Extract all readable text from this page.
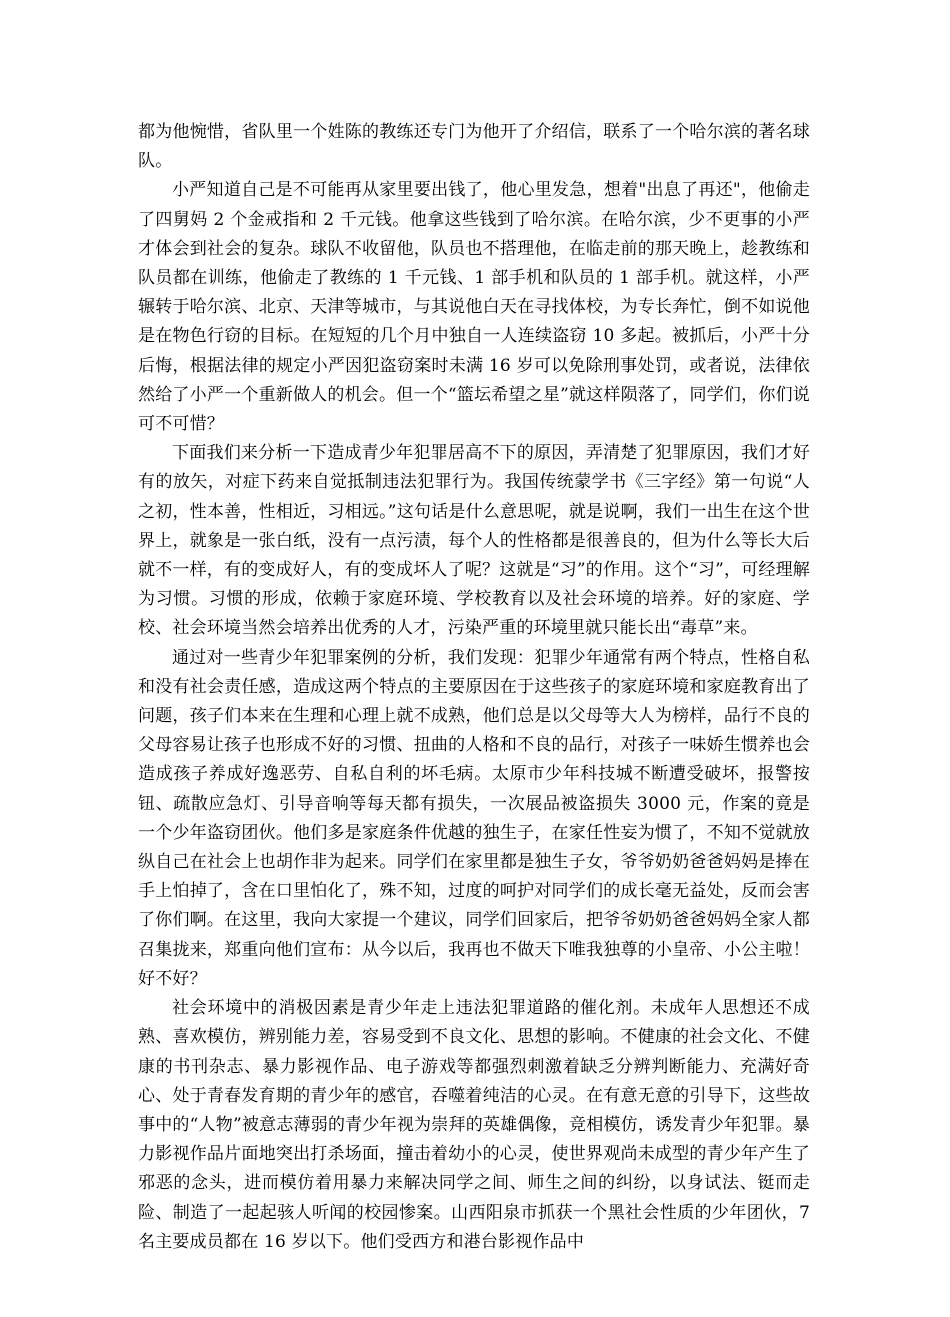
都为他惋惜，省队里一个姓陈的教练还专门为他开了介绍信，联系了一个哈尔滨的著名球队。

小严知道自己是不可能再从家里要出钱了，他心里发急，想着"出息了再还"，他偷走了四舅妈 2 个金戒指和 2 千元钱。他拿这些钱到了哈尔滨。在哈尔滨，少不更事的小严才体会到社会的复杂。球队不收留他，队员也不搭理他，在临走前的那天晚上，趁教练和队员都在训练，他偷走了教练的 1 千元钱、1 部手机和队员的 1 部手机。就这样，小严辗转于哈尔滨、北京、天津等城市，与其说他白天在寻找体校，为专长奔忙，倒不如说他是在物色行窃的目标。在短短的几个月中独自一人连续盗窃 10 多起。被抓后，小严十分后悔，根据法律的规定小严因犯盗窃案时未满 16 岁可以免除刑事处罚，或者说，法律依然给了小严一个重新做人的机会。但一个“篮坛希望之星”就这样陨落了，同学们，你们说可不可惜？

下面我们来分析一下造成青少年犯罪居高不下的原因，弄清楚了犯罪原因，我们才好有的放矢，对症下药来自觉抵制违法犯罪行为。我国传统蒙学书《三字经》第一句说“人之初，性本善，性相近，习相远。”这句话是什么意思呢，就是说啊，我们一出生在这个世界上，就象是一张白纸，没有一点污渍，每个人的性格都是很善良的，但为什么等长大后就不一样，有的变成好人，有的变成坏人了呢？这就是“习”的作用。这个“习”，可经理解为习惯。习惯的形成，依赖于家庭环境、学校教育以及社会环境的培养。好的家庭、学校、社会环境当然会培养出优秀的人才，污染严重的环境里就只能长出“毒草”来。

通过对一些青少年犯罪案例的分析，我们发现：犯罪少年通常有两个特点，性格自私和没有社会责任感，造成这两个特点的主要原因在于这些孩子的家庭环境和家庭教育出了问题，孩子们本来在生理和心理上就不成熟，他们总是以父母等大人为榜样，品行不良的父母容易让孩子也形成不好的习惯、扭曲的人格和不良的品行，对孩子一味娇生惯养也会造成孩子养成好逸恶劳、自私自利的坏毛病。太原市少年科技城不断遭受破坏，报警按钮、疏散应急灯、引导音响等每天都有损失，一次展品被盗损失 3000 元，作案的竟是一个少年盗窃团伙。他们多是家庭条件优越的独生子，在家任性妄为惯了，不知不觉就放纵自己在社会上也胡作非为起来。同学们在家里都是独生子女，爷爷奶奶爸爸妈妈是捧在手上怕掉了，含在口里怕化了，殊不知，过度的呵护对同学们的成长毫无益处，反而会害了你们啊。在这里，我向大家提一个建议，同学们回家后，把爷爷奶奶爸爸妈妈全家人都召集拢来，郑重向他们宣布：从今以后，我再也不做天下唯我独尊的小皇帝、小公主啦！好不好？

社会环境中的消极因素是青少年走上违法犯罪道路的催化剂。未成年人思想还不成熟、喜欢模仿，辨别能力差，容易受到不良文化、思想的影响。不健康的社会文化、不健康的书刊杂志、暴力影视作品、电子游戏等都强烈刺激着缺乏分辨判断能力、充满好奇心、处于青春发育期的青少年的感官，吞噬着纯洁的心灵。在有意无意的引导下，这些故事中的“人物”被意志薄弱的青少年视为崇拜的英雄偶像，竞相模仿，诱发青少年犯罪。暴力影视作品片面地突出打杀场面，撞击着幼小的心灵，使世界观尚未成型的青少年产生了邪恶的念头，进而模仿着用暴力来解决同学之间、师生之间的纠纷，以身试法、铤而走险、制造了一起起骇人听闻的校园惨案。山西阳泉市抓获一个黑社会性质的少年团伙，7 名主要成员都在 16 岁以下。他们受西方和港台影视作品中
